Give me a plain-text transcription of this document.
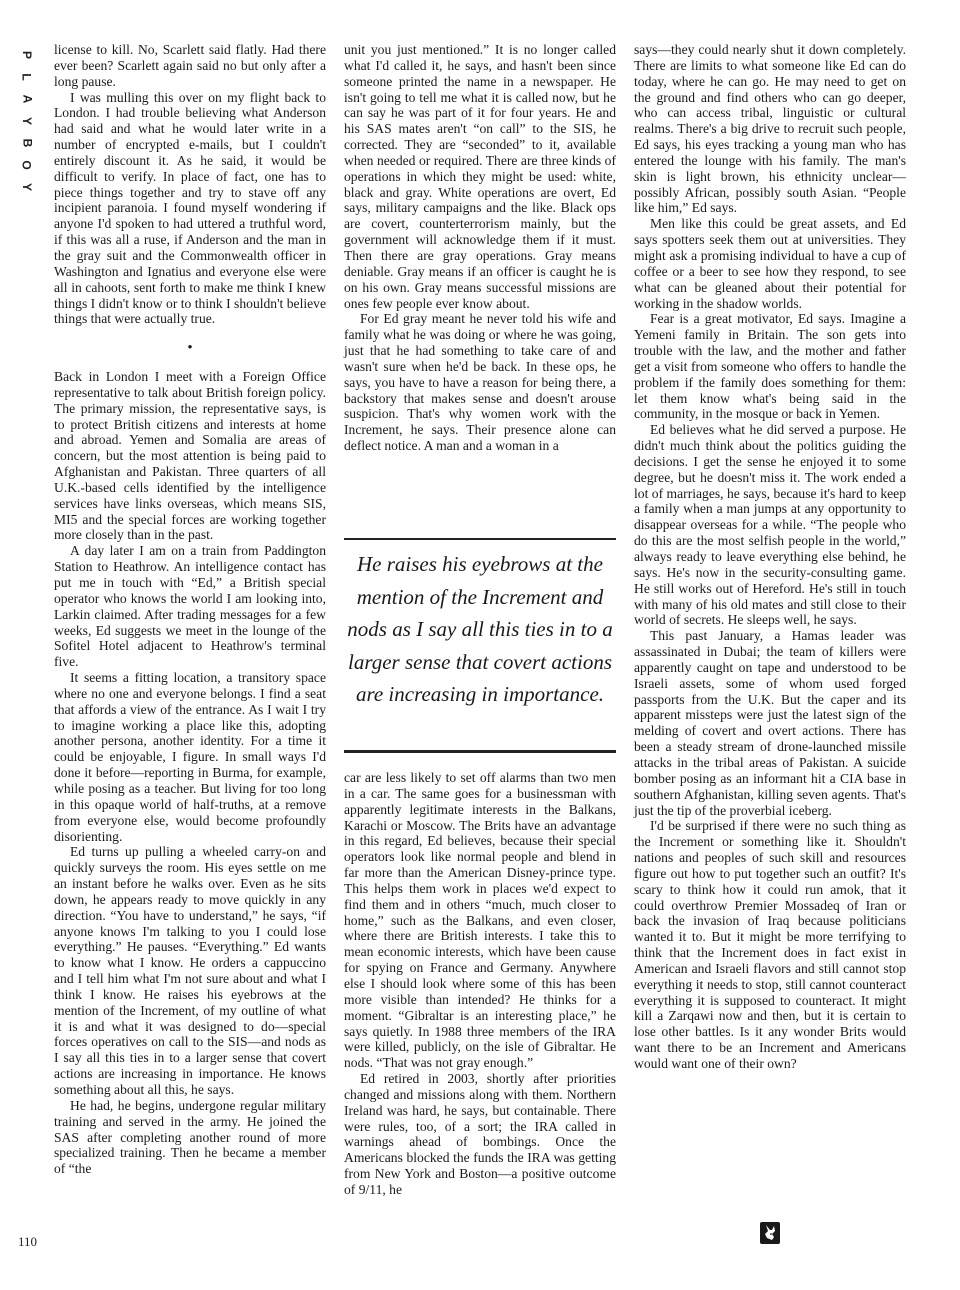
P
L
A
Y
B
O
Y
110

license to kill. No, Scarlett said flatly. Had there ever been? Scarlett again said no but only after a long pause.

I was mulling this over on my flight back to London. I had trouble believing what Anderson had said and what he would later write in a number of encrypted e-mails, but I couldn't entirely discount it. As he said, it would be difficult to verify. In place of fact, one has to piece things together and try to stave off any incipient paranoia. I found myself wondering if anyone I'd spoken to had uttered a truthful word, if this was all a ruse, if Anderson and the man in the gray suit and the Commonwealth officer in Washington and Ignatius and everyone else were all in cahoots, sent forth to make me think I knew things I didn't know or to think I shouldn't believe things that were actually true.

•

Back in London I meet with a Foreign Office representative to talk about British foreign policy. The primary mission, the representative says, is to protect British citizens and interests at home and abroad. Yemen and Somalia are areas of concern, but the most attention is being paid to Afghanistan and Pakistan. Three quarters of all U.K.-based cells identified by the intelligence services have links overseas, which means SIS, MI5 and the special forces are working together more closely than in the past.

A day later I am on a train from Paddington Station to Heathrow. An intelligence contact has put me in touch with “Ed,” a British special operator who knows the world I am looking into, Larkin claimed. After trading messages for a few weeks, Ed suggests we meet in the lounge of the Sofitel Hotel adjacent to Heathrow's terminal five.

It seems a fitting location, a transitory space where no one and everyone belongs. I find a seat that affords a view of the entrance. As I wait I try to imagine working a place like this, adopting another persona, another identity. For a time it could be enjoyable, I figure. In small ways I'd done it before—reporting in Burma, for example, while posing as a teacher. But living for too long in this opaque world of half-truths, at a remove from everyone else, would become profoundly disorienting.

Ed turns up pulling a wheeled carry-on and quickly surveys the room. His eyes settle on me an instant before he walks over. Even as he sits down, he appears ready to move quickly in any direction. “You have to understand,” he says, “if anyone knows I'm talking to you I could lose everything.” He pauses. “Everything.” Ed wants to know what I know. He orders a cappuccino and I tell him what I'm not sure about and what I think I know. He raises his eyebrows at the mention of the Increment, of my outline of what it is and what it was designed to do—special forces operatives on call to the SIS—and nods as I say all this ties in to a larger sense that covert actions are increasing in importance. He knows something about all this, he says.

He had, he begins, undergone regular military training and served in the army. He joined the SAS after completing another round of more specialized training. Then he became a member of “the

unit you just mentioned.” It is no longer called what I'd called it, he says, and hasn't been since someone printed the name in a newspaper. He isn't going to tell me what it is called now, but he can say he was part of it for four years. He and his SAS mates aren't “on call” to the SIS, he corrected. They are “seconded” to it, available when needed or required. There are three kinds of operations in which they might be used: white, black and gray. White operations are overt, Ed says, military campaigns and the like. Black ops are covert, counterterrorism mainly, but the government will acknowledge them if it must. Then there are gray operations. Gray means deniable. Gray means if an officer is caught he is on his own. Gray means successful missions are ones few people ever know about.

For Ed gray meant he never told his wife and family what he was doing or where he was going, just that he had something to take care of and wasn't sure when he'd be back. In these ops, he says, you have to have a reason for being there, a backstory that makes sense and doesn't arouse suspicion. That's why women work with the Increment, he says. Their presence alone can deflect notice. A man and a woman in a

He raises his eyebrows at the mention of the Increment and nods as I say all this ties in to a larger sense that covert actions are increasing in importance.

car are less likely to set off alarms than two men in a car. The same goes for a businessman with apparently legitimate interests in the Balkans, Karachi or Moscow. The Brits have an advantage in this regard, Ed believes, because their special operators look like normal people and blend in far more than the American Disney-prince type. This helps them work in places we'd expect to find them and in others “much, much closer to home,” such as the Balkans, and even closer, where there are British interests. I take this to mean economic interests, which have been cause for spying on France and Germany. Anywhere else I should look where some of this has been more visible than intended? He thinks for a moment. “Gibraltar is an interesting place,” he says quietly. In 1988 three members of the IRA were killed, publicly, on the isle of Gibraltar. He nods. “That was not gray enough.”

Ed retired in 2003, shortly after priorities changed and missions along with them. Northern Ireland was hard, he says, but containable. There were rules, too, of a sort; the IRA called in warnings ahead of bombings. Once the Americans blocked the funds the IRA was getting from New York and Boston—a positive outcome of 9/11, he

says—they could nearly shut it down completely. There are limits to what someone like Ed can do today, where he can go. He may need to get on the ground and find others who can go deeper, who can access tribal, linguistic or cultural realms. There's a big drive to recruit such people, Ed says, his eyes tracking a young man who has entered the lounge with his family. The man's skin is light brown, his ethnicity unclear—possibly African, possibly south Asian. “People like him,” Ed says.

Men like this could be great assets, and Ed says spotters seek them out at universities. They might ask a promising individual to have a cup of coffee or a beer to see how they respond, to see what can be gleaned about their potential for working in the shadow worlds.

Fear is a great motivator, Ed says. Imagine a Yemeni family in Britain. The son gets into trouble with the law, and the mother and father get a visit from someone who offers to handle the problem if the family does something for them: let them know what's being said in the community, in the mosque or back in Yemen.

Ed believes what he did served a purpose. He didn't much think about the politics guiding the decisions. I get the sense he enjoyed it to some degree, but he doesn't miss it. The work ended a lot of marriages, he says, because it's hard to keep a family when a man jumps at any opportunity to disappear overseas for a while. “The people who do this are the most selfish people in the world,” always ready to leave everything else behind, he says. He's now in the security-consulting game. He still works out of Hereford. He's still in touch with many of his old mates and still close to their world of secrets. He sleeps well, he says.

This past January, a Hamas leader was assassinated in Dubai; the team of killers were apparently caught on tape and understood to be Israeli assets, some of whom used forged passports from the U.K. But the caper and its apparent missteps were just the latest sign of the melding of covert and overt actions. There has been a steady stream of drone-launched missile attacks in the tribal areas of Pakistan. A suicide bomber posing as an informant hit a CIA base in southern Afghanistan, killing seven agents. That's just the tip of the proverbial iceberg.

I'd be surprised if there were no such thing as the Increment or something like it. Shouldn't nations and peoples of such skill and resources figure out how to put together such an outfit? It's scary to think how it could run amok, that it could overthrow Premier Mossadeq of Iran or back the invasion of Iraq because politicians wanted it to. But it might be more terrifying to think that the Increment does in fact exist in American and Israeli flavors and still cannot stop everything it needs to stop, still cannot counteract everything it is supposed to counteract. It might kill a Zarqawi now and then, but it is certain to lose other battles. Is it any wonder Brits would want there to be an Increment and Americans would want one of their own?
